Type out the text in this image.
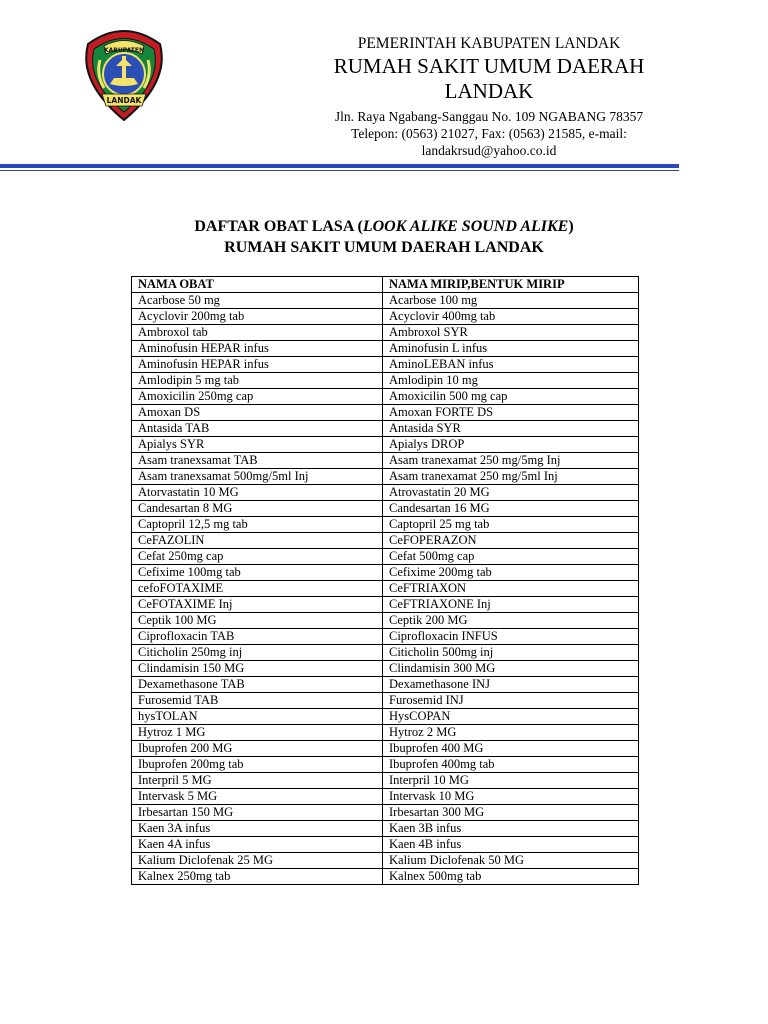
KABUPATEN
LANDAK
PEMERINTAH KABUPATEN LANDAK
RUMAH SAKIT UMUM DAERAH
LANDAK
Jln. Raya Ngabang-Sanggau No. 109 NGABANG 78357
Telepon: (0563) 21027, Fax: (0563) 21585, e-mail:
landakrsud@yahoo.co.id
DAFTAR OBAT LASA (LOOK ALIKE SOUND ALIKE)
RUMAH SAKIT UMUM DAERAH LANDAK
NAMA OBAT	NAMA MIRIP,BENTUK MIRIP
Acarbose 50 mg	Acarbose 100 mg
Acyclovir 200mg tab	Acyclovir 400mg tab
Ambroxol tab	Ambroxol SYR
Aminofusin HEPAR infus	Aminofusin L infus
Aminofusin HEPAR infus	AminoLEBAN infus
Amlodipin 5 mg tab	Amlodipin 10 mg
Amoxicilin 250mg cap	Amoxicilin 500 mg cap
Amoxan DS	Amoxan FORTE DS
Antasida TAB	Antasida SYR
Apialys SYR	Apialys DROP
Asam tranexsamat TAB	Asam tranexamat 250 mg/5mg Inj
Asam tranexsamat 500mg/5ml Inj	Asam tranexamat 250 mg/5ml Inj
Atorvastatin 10 MG	Atrovastatin 20 MG
Candesartan 8 MG	Candesartan 16 MG
Captopril 12,5 mg tab	Captopril 25 mg tab
CeFAZOLIN	CeFOPERAZON
Cefat 250mg cap	Cefat 500mg cap
Cefixime 100mg tab	Cefixime 200mg tab
cefoFOTAXIME	CeFTRIAXON
CeFOTAXIME Inj	CeFTRIAXONE Inj
Ceptik 100 MG	Ceptik 200 MG
Ciprofloxacin TAB	Ciprofloxacin INFUS
Citicholin 250mg inj	Citicholin 500mg inj
Clindamisin 150 MG	Clindamisin 300 MG
Dexamethasone TAB	Dexamethasone INJ
Furosemid TAB	Furosemid INJ
hysTOLAN	HysCOPAN
Hytroz 1 MG	Hytroz 2 MG
Ibuprofen 200 MG	Ibuprofen 400 MG
Ibuprofen 200mg tab	Ibuprofen 400mg tab
Interpril 5 MG	Interpril 10 MG
Intervask 5 MG	Intervask 10 MG
Irbesartan 150 MG	Irbesartan 300 MG
Kaen 3A infus	Kaen 3B infus
Kaen 4A infus	Kaen 4B infus
Kalium Diclofenak 25 MG	Kalium Diclofenak 50 MG
Kalnex 250mg tab	Kalnex 500mg tab
